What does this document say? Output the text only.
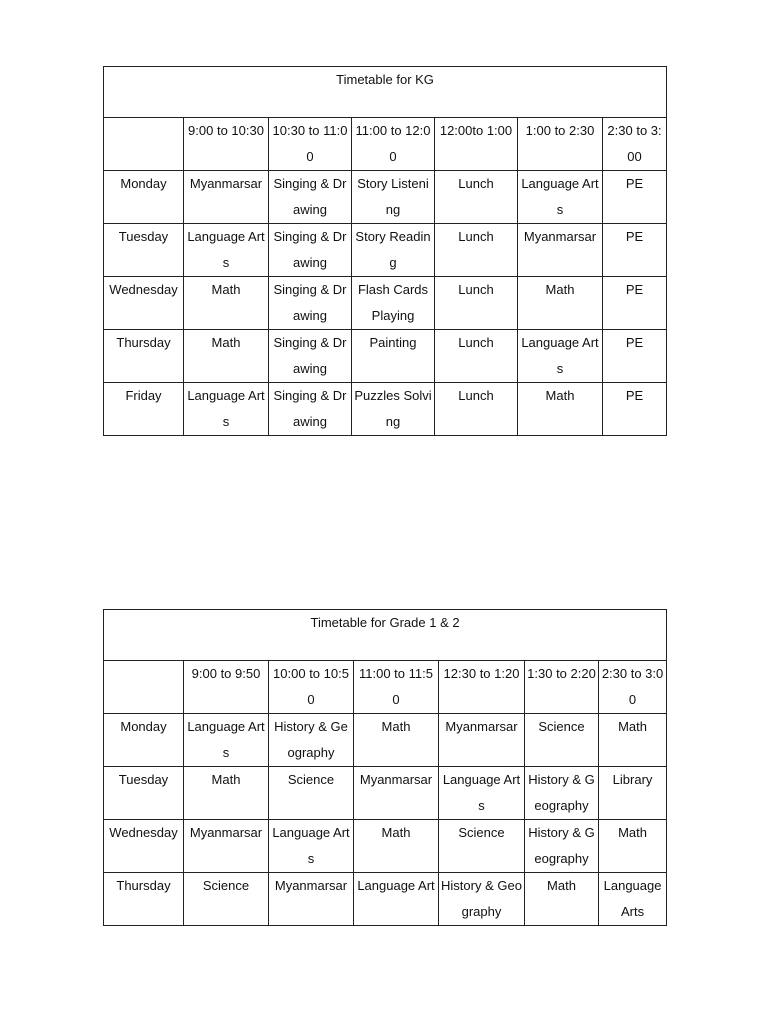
Timetable for KG						
	9:00 to 10:30	10:30 to 11:00	11:00 to 12:00	12:00to 1:00	1:00 to 2:30	2:30 to 3:00
Monday	Myanmarsar	Singing & Drawing	Story Listening	Lunch	Language Arts	PE
Tuesday	Language Arts	Singing & Drawing	Story Reading	Lunch	Myanmarsar	PE
Wednesday	Math	Singing & Drawing	Flash Cards Playing	Lunch	Math	PE
Thursday	Math	Singing & Drawing	Painting	Lunch	Language Arts	PE
Friday	Language Arts	Singing & Drawing	Puzzles Solving	Lunch	Math	PE
Timetable for Grade 1 & 2						
	9:00 to 9:50	10:00 to 10:50	11:00 to 11:50	12:30 to 1:20	1:30 to 2:20	2:30 to 3:00
Monday	Language Arts	History & Geography	Math	Myanmarsar	Science	Math
Tuesday	Math	Science	Myanmarsar	Language Arts	History & Geography	Library
Wednesday	Myanmarsar	Language Arts	Math	Science	History & Geography	Math
Thursday	Science	Myanmarsar	Language Art	History & Geography	Math	Language Arts
